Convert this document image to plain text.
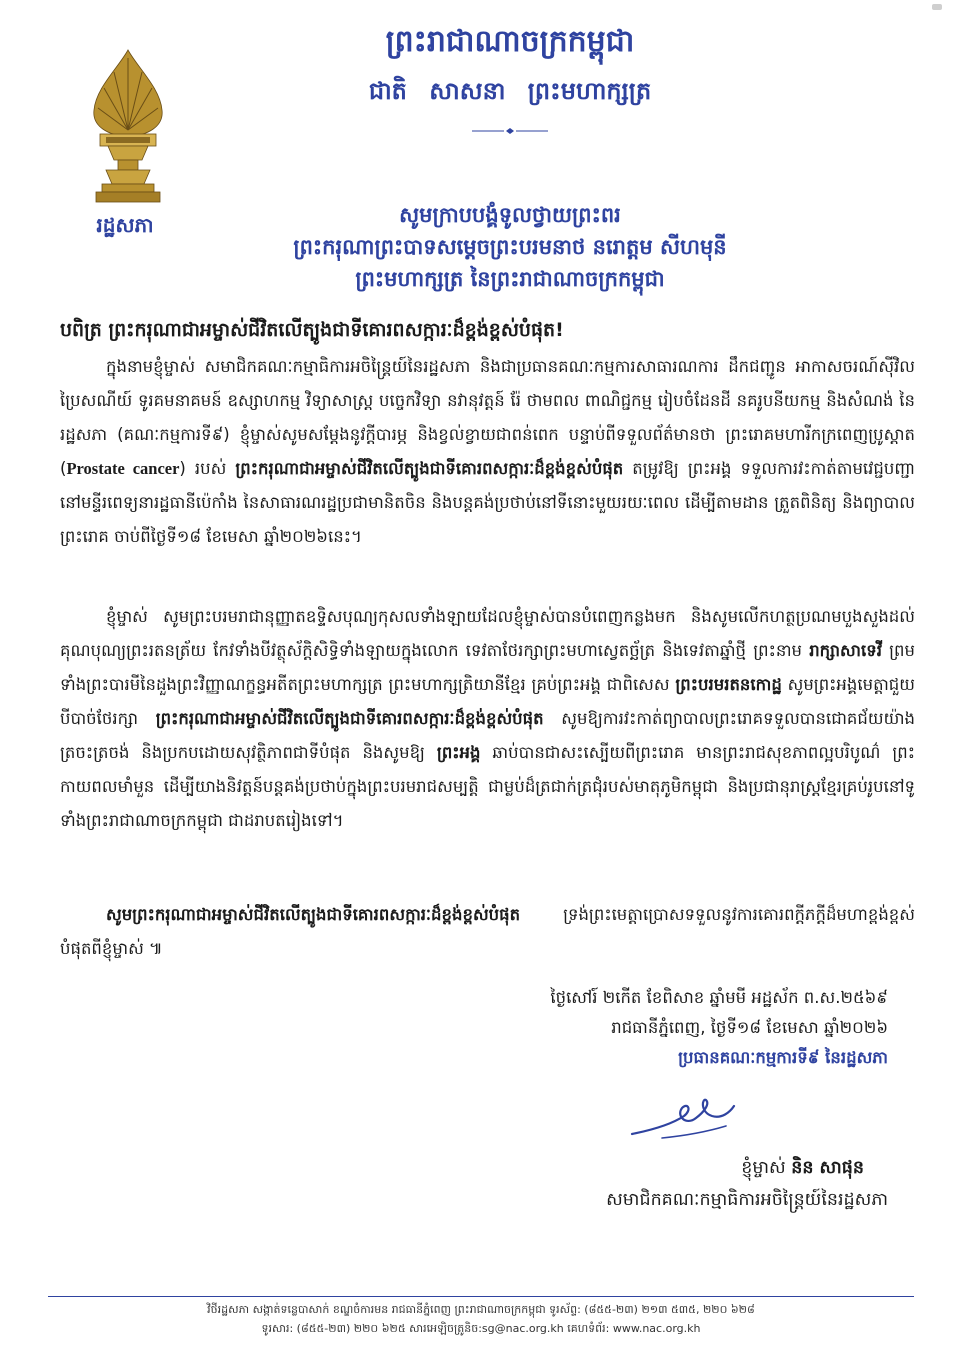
ព្រះរាជាណាចក្រកម្ពុជា
ជាតិ សាសនា ព្រះមហាក្សត្រ
រដ្ឋសភា	សូមក្រាបបង្គំទូលថ្វាយព្រះពរ
ព្រះករុណាព្រះបាទសម្តេចព្រះបរមនាថ នរោត្តម សីហមុនី
ព្រះមហាក្សត្រ នៃព្រះរាជាណាចក្រកម្ពុជា
បពិត្រ ព្រះករុណាជាអម្ចាស់ជីវិតលើត្បូងជាទីគោរពសក្ការៈដ៏ខ្ពង់ខ្ពស់បំផុត!
ក្នុងនាមខ្ញុំម្ចាស់ សមាជិកគណៈកម្មាធិការអចិន្ត្រៃយ៍នៃរដ្ឋសភា និងជាប្រធានគណៈកម្មការសាធារណការ ដឹកជញ្ជូន អាកាសចរណ៍ស៊ីវិល ប្រៃសណីយ៍ ទូរគមនាគមន៍ ឧស្សាហកម្ម វិទ្យាសាស្ត្រ បច្ចេកវិទ្យា នវានុវត្តន៍ រ៉ែ ថាមពល ពាណិជ្ជកម្ម រៀបចំដែនដី នគរូបនីយកម្ម និងសំណង់ នៃរដ្ឋសភា (គណៈកម្មការទី៩) ខ្ញុំម្ចាស់សូមសម្តែងនូវក្តីបារម្ភ និងខ្វល់ខ្វាយជាពន់ពេក បន្ទាប់ពីទទួលព័ត៌មានថា ព្រះរោគមហារីកក្រពេញប្រូស្តាត (Prostate cancer) របស់ ព្រះករុណាជាអម្ចាស់ជីវិតលើត្បូងជាទីគោរពសក្ការៈដ៏ខ្ពង់ខ្ពស់បំផុត តម្រូវឱ្យ ព្រះអង្គ ទទួលការវះកាត់តាមវេជ្ជបញ្ជា នៅមន្ទីរពេទ្យនារដ្ឋធានីប៉េកាំង នៃសាធារណរដ្ឋប្រជាមានិតចិន និងបន្តគង់ប្រថាប់នៅទីនោះមួយរយៈពេល ដើម្បីតាមដាន ត្រួតពិនិត្យ និងព្យាបាលព្រះរោគ ចាប់ពីថ្ងៃទី១៨ ខែមេសា ឆ្នាំ២០២៦នេះ។
ខ្ញុំម្ចាស់ សូមព្រះបរមរាជានុញ្ញាតឧទ្ទិសបុណ្យកុសលទាំងឡាយដែលខ្ញុំម្ចាស់បានបំពេញកន្លងមក និងសូមលើកហត្ថប្រណមបួងសួងដល់គុណបុណ្យព្រះរតនត្រ័យ កែវទាំងបីវត្ថុស័ក្តិសិទ្ធិទាំងឡាយក្នុងលោក ទេវតាថែរក្សាព្រះមហាស្វេតច្ឆ័ត្រ និងទេវតាឆ្នាំថ្មី ព្រះនាម រាក្សាសាទេវី ព្រមទាំងព្រះបារមីនៃដួងព្រះវិញ្ញាណក្ខន្ធអតីតព្រះមហាក្សត្រ ព្រះមហាក្សត្រិយានីខ្មែរ គ្រប់ព្រះអង្គ ជាពិសេស ព្រះបរមរតនកោដ្ឋ សូមព្រះអង្គមេត្តាជួយបីបាច់ថែរក្សា ព្រះករុណាជាអម្ចាស់ជីវិតលើត្បូងជាទីគោរពសក្ការៈដ៏ខ្ពង់ខ្ពស់បំផុត សូមឱ្យការវះកាត់ព្យាបាលព្រះរោគទទួលបានជោគជ័យយ៉ាងត្រចះត្រចង់ និងប្រកបដោយសុវត្ថិភាពជាទីបំផុត និងសូមឱ្យ ព្រះអង្គ ឆាប់បានជាសះស្បើយពីព្រះរោគ មានព្រះរាជសុខភាពល្អបរិបូណ៌ ព្រះកាយពលមាំមួន ដើម្បីយាងនិវត្តន៍បន្តគង់ប្រថាប់ក្នុងព្រះបរមរាជសម្បត្តិ ជាម្លប់ដ៏ត្រជាក់ត្រជុំរបស់មាតុភូមិកម្ពុជា និងប្រជានុរាស្ត្រខ្មែរគ្រប់រូបនៅទូទាំងព្រះរាជាណាចក្រកម្ពុជា ជាដរាបតរៀងទៅ។
សូមព្រះករុណាជាអម្ចាស់ជីវិតលើត្បូងជាទីគោរពសក្ការៈដ៏ខ្ពង់ខ្ពស់បំផុត ទ្រង់ព្រះមេត្តាប្រោសទទួលនូវការគោរពក្តីភក្តីដ៏មហាខ្ពង់ខ្ពស់បំផុតពីខ្ញុំម្ចាស់ ៕
ថ្ងៃសៅរ៍ ២កើត ខែពិសាខ ឆ្នាំមមី អដ្ឋស័ក ព.ស.២៥៦៩
រាជធានីភ្នំពេញ, ថ្ងៃទី១៨ ខែមេសា ឆ្នាំ២០២៦
ប្រធានគណៈកម្មការទី៩ នៃរដ្ឋសភា
ខ្ញុំម្ចាស់ និន សាផុន
សមាជិកគណៈកម្មាធិការអចិន្ត្រៃយ៍នៃរដ្ឋសភា
វិថីរដ្ឋសភា សង្កាត់ទន្លេបាសាក់ ខណ្ឌចំការមន រាជធានីភ្នំពេញ ព្រះរាជាណាចក្រកម្ពុជា ទូរស័ព្ទ: (៨៥៥-២៣) ២១៣ ៥៣៥, ២២០ ៦២៨
ទូរសារ: (៨៥៥-២៣) ២២០ ៦២៥ សារអេឡិចត្រូនិច:sg@nac.org.kh គេហទំព័រ: www.nac.org.kh
